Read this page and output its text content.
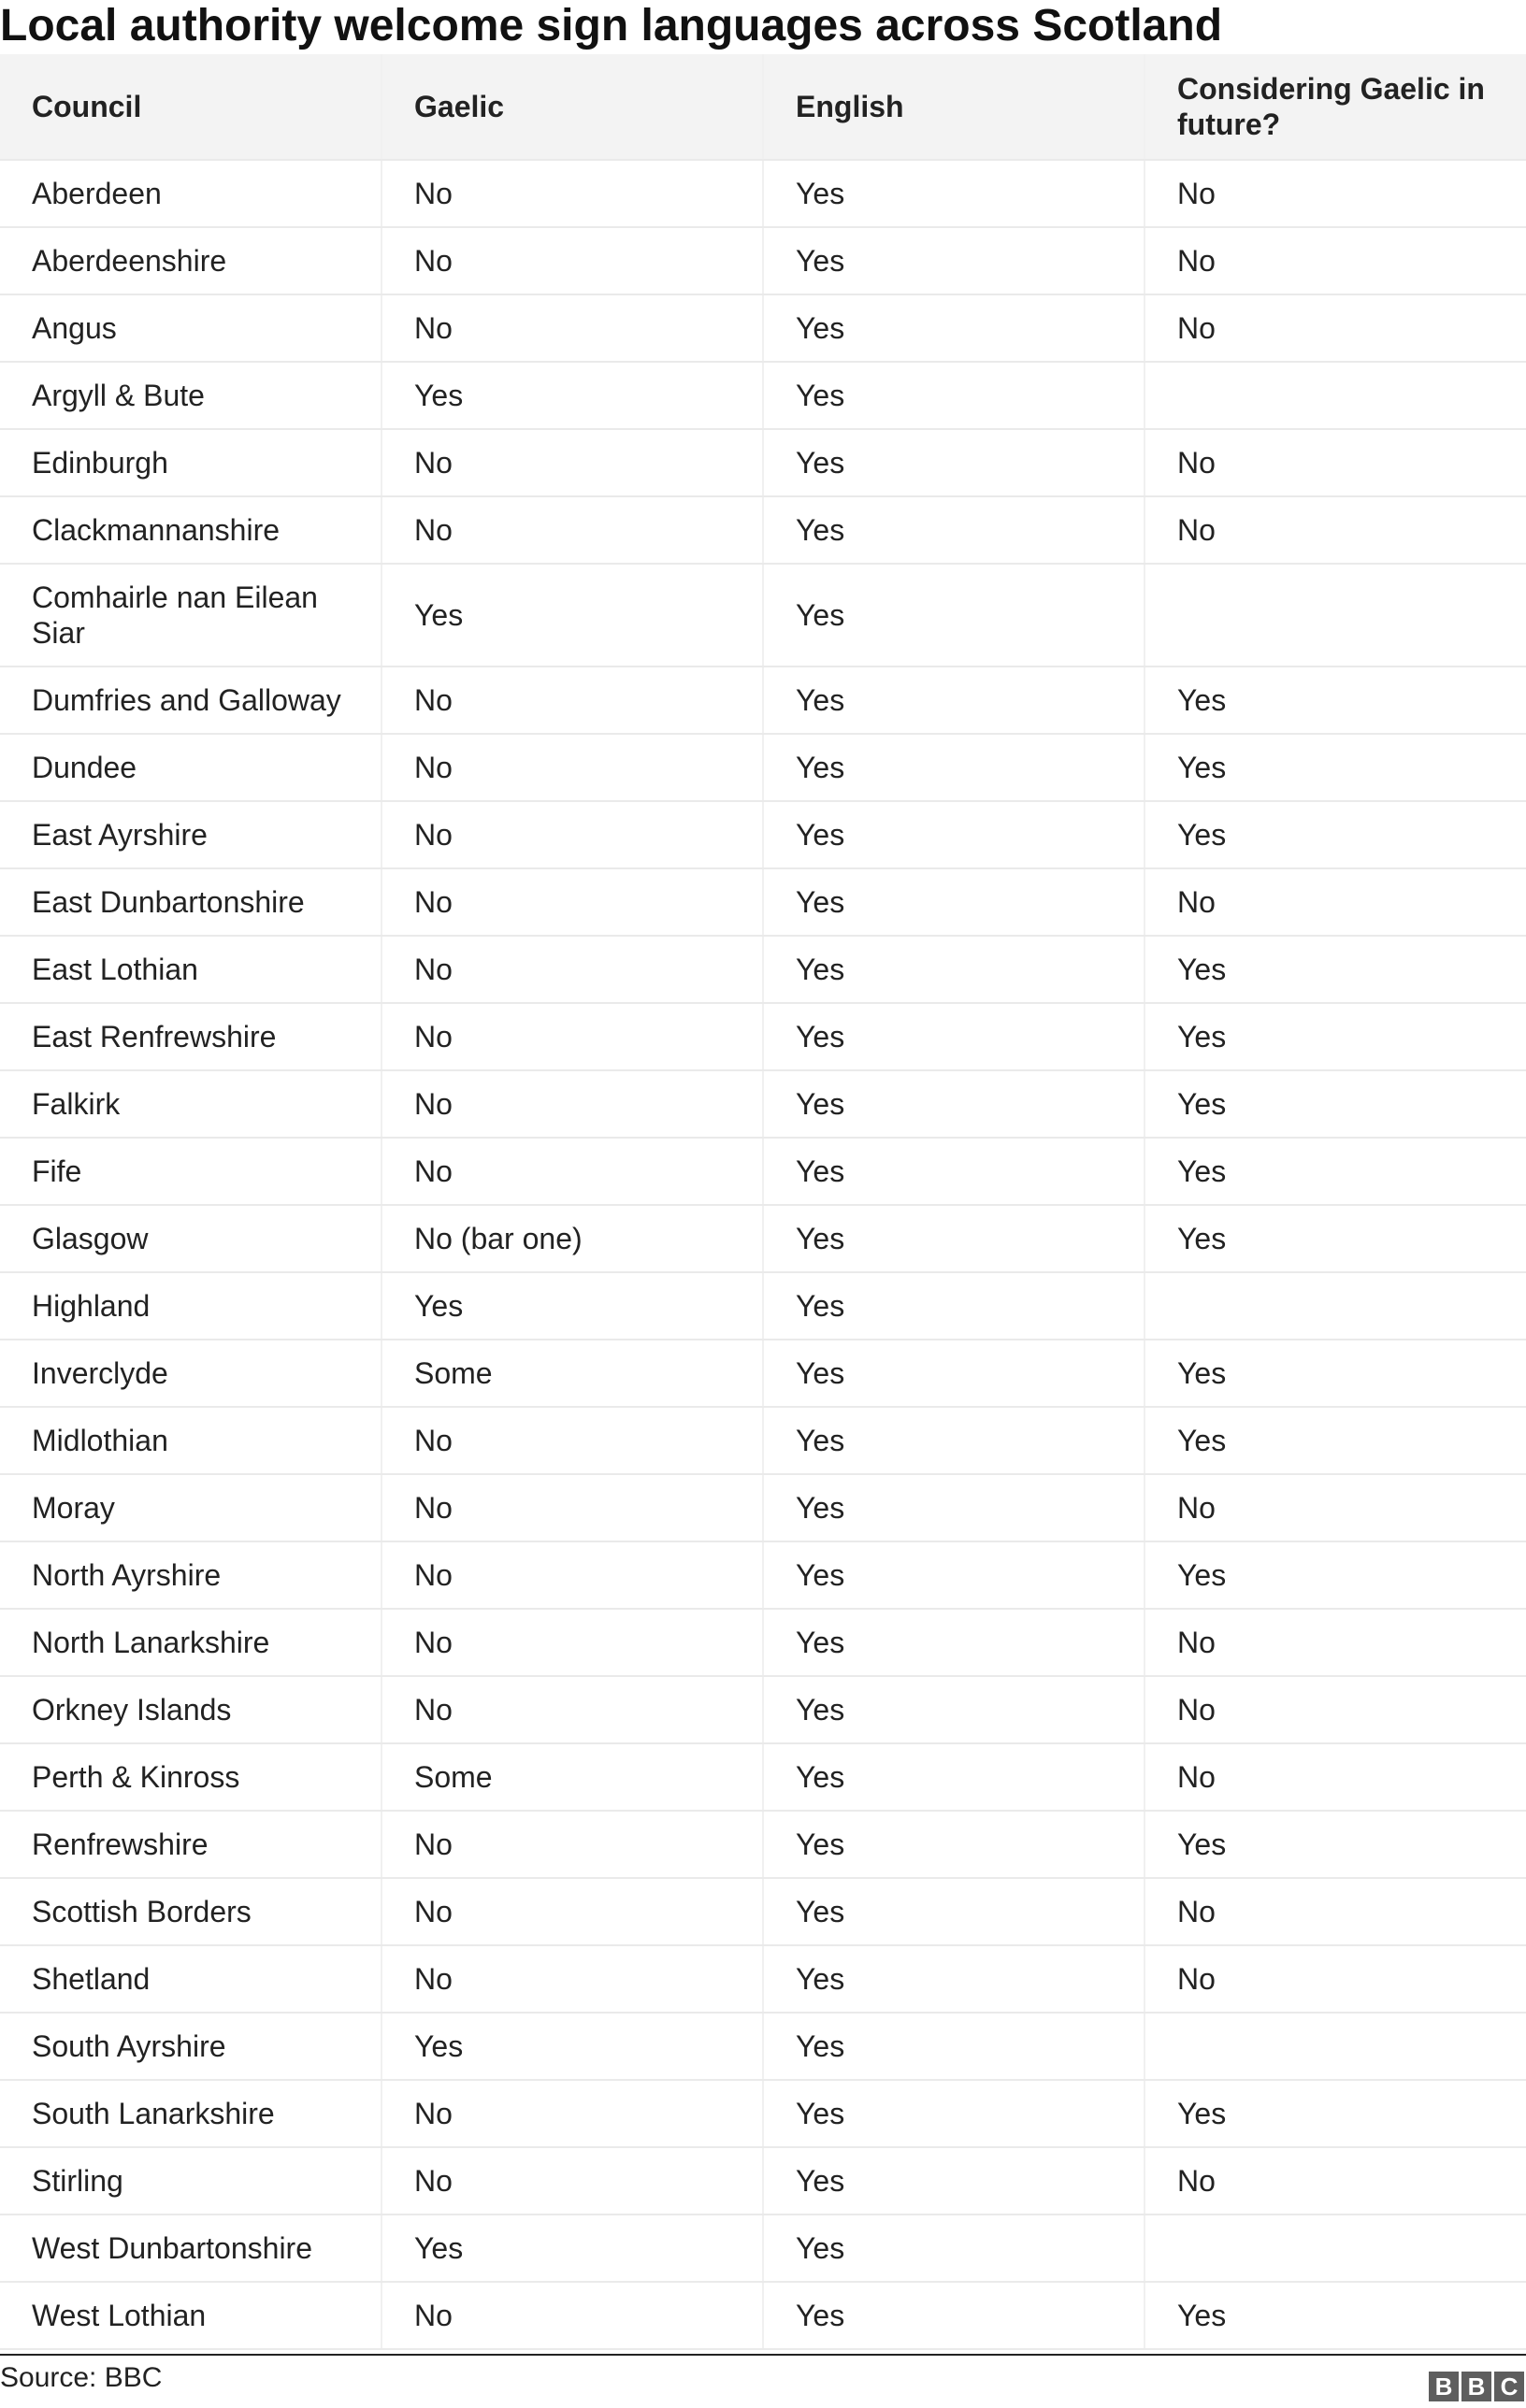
Local authority welcome sign languages across Scotland
Council	Gaelic	English	Considering Gaelic in future?
Aberdeen	No	Yes	No
Aberdeenshire	No	Yes	No
Angus	No	Yes	No
Argyll & Bute	Yes	Yes	
Edinburgh	No	Yes	No
Clackmannanshire	No	Yes	No
Comhairle nan Eilean Siar	Yes	Yes	
Dumfries and Galloway	No	Yes	Yes
Dundee	No	Yes	Yes
East Ayrshire	No	Yes	Yes
East Dunbartonshire	No	Yes	No
East Lothian	No	Yes	Yes
East Renfrewshire	No	Yes	Yes
Falkirk	No	Yes	Yes
Fife	No	Yes	Yes
Glasgow	No (bar one)	Yes	Yes
Highland	Yes	Yes	
Inverclyde	Some	Yes	Yes
Midlothian	No	Yes	Yes
Moray	No	Yes	No
North Ayrshire	No	Yes	Yes
North Lanarkshire	No	Yes	No
Orkney Islands	No	Yes	No
Perth & Kinross	Some	Yes	No
Renfrewshire	No	Yes	Yes
Scottish Borders	No	Yes	No
Shetland	No	Yes	No
South Ayrshire	Yes	Yes	
South Lanarkshire	No	Yes	Yes
Stirling	No	Yes	No
West Dunbartonshire	Yes	Yes	
West Lothian	No	Yes	Yes
Source: BBC	B B C
